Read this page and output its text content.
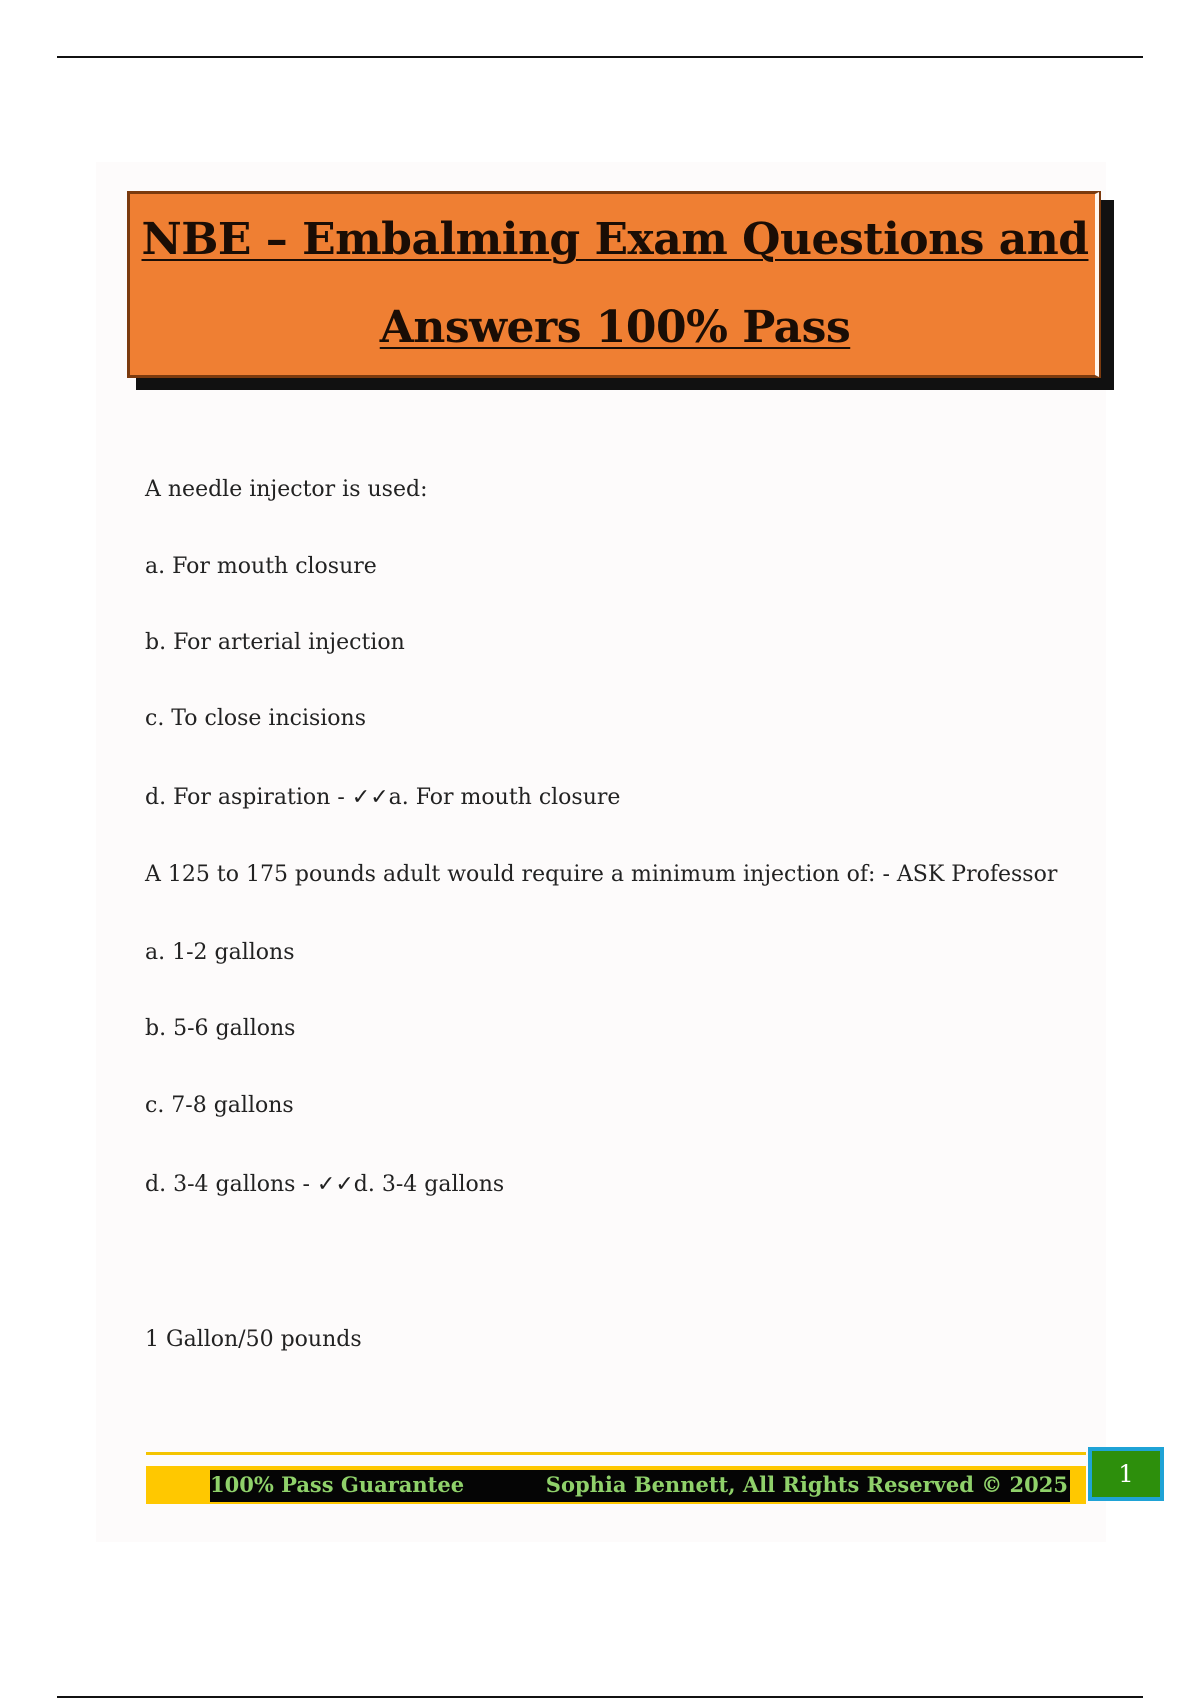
NBE – Embalming Exam Questions and
Answers 100% Pass
A needle injector is used:
a. For mouth closure
b. For arterial injection
c. To close incisions
d. For aspiration - ✓✓a. For mouth closure
A 125 to 175 pounds adult would require a minimum injection of: - ASK Professor
a. 1-2 gallons
b. 5-6 gallons
c. 7-8 gallons
d. 3-4 gallons - ✓✓d. 3-4 gallons
1 Gallon/50 pounds
100% Pass Guarantee	Sophia Bennett, All Rights Reserved © 2025	1
